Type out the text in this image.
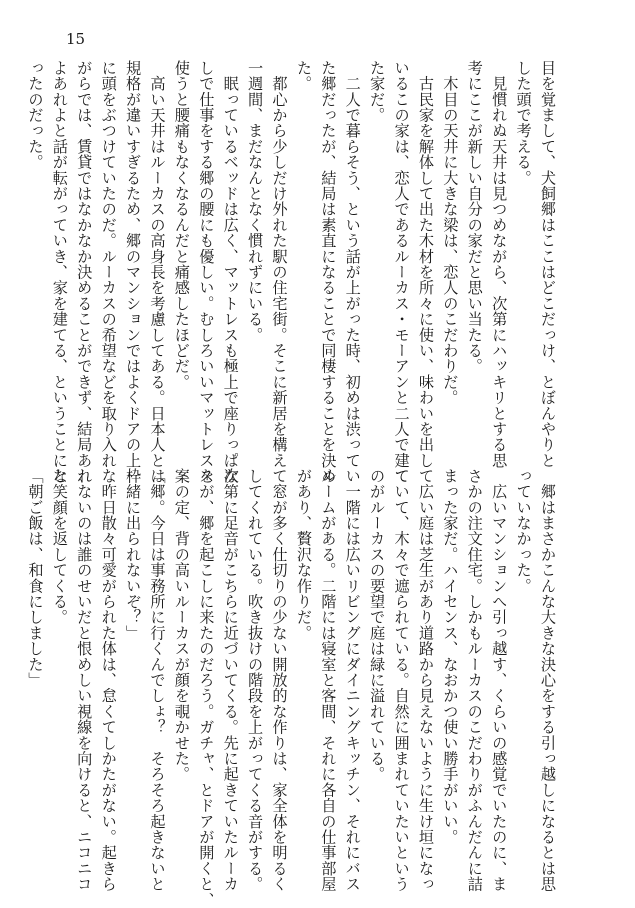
15
目を覚まして、犬飼郷はここはどこだっけ、とぼんやりと
した頭で考える。
　見慣れぬ天井は見つめながら、次第にハッキリとする思
考にここが新しい自分の家だと思い当たる。
　木目の天井に大きな梁は、恋人のこだわりだ。
　古民家を解体して出た木材を所々に使い、味わいを出して
いるこの家は、恋人であるルーカス・モーアンと二人で建て
た家だ。
　二人で暮らそう、という話が上がった時、初めは渋ってい
た郷だったが、結局は素直になることで同棲することを決め
た。
　都心から少しだけ外れた駅の住宅街。そこに新居を構えて
一週間、まだなんとなく慣れずにいる。
　眠っているベッドは広く、マットレスも極上で座りっぱな
しで仕事をする郷の腰にも優しい。むしろいいマットレスを
使うと腰痛もなくなるんだと痛感したほどだ。
　高い天井はルーカスの高身長を考慮してある。日本人とは
規格が違いすぎるため、郷のマンションではよくドアの上枠
に頭をぶつけていたのだ。ルーカスの希望などを取り入れな
がらでは、賃貸ではなかなか決めることができず、結局あれ
よあれよと話が転がっていき、家を建てる、ということにな
ったのだった。
　郷はまさかこんな大きな決心をする引っ越しになるとは思
っていなかった。
　広いマンションへ引っ越す、くらいの感覚でいたのに、ま
さかの注文住宅。しかもルーカスのこだわりがふんだんに詰
まった家だ。ハイセンス、なおかつ使い勝手がいい。
　広い庭は芝生があり道路から見えないように生け垣になっ
ていて、木々で遮られている。自然に囲まれていたいという
のがルーカスの要望で庭は緑に溢れている。
　一階には広いリビングにダイニングキッチン、それにバス
ルームがある。二階には寝室と客間、それに各自の仕事部屋
があり、贅沢な作りだ。
　窓が多く仕切りの少ない開放的な作りは、家全体を明るく
してくれている。吹き抜けの階段を上がってくる音がする。
次第に足音がこちらに近づいてくる。先に起きていたルーカ
スが、郷を起こしに来たのだろう。ガチャ、とドアが開くと、
案の定、背の高いルーカスが顔を覗かせた。
「郷。今日は事務所に行くんでしょ？　そろそろ起きないと
一緒に出られないぞ？」
　昨日散々可愛がられた体は、怠くてしかたがない。起きら
れないのは誰のせいだと恨めしい視線を向けると、ニコニコ
と笑顔を返してくる。
「朝ご飯は、和食にしました」
